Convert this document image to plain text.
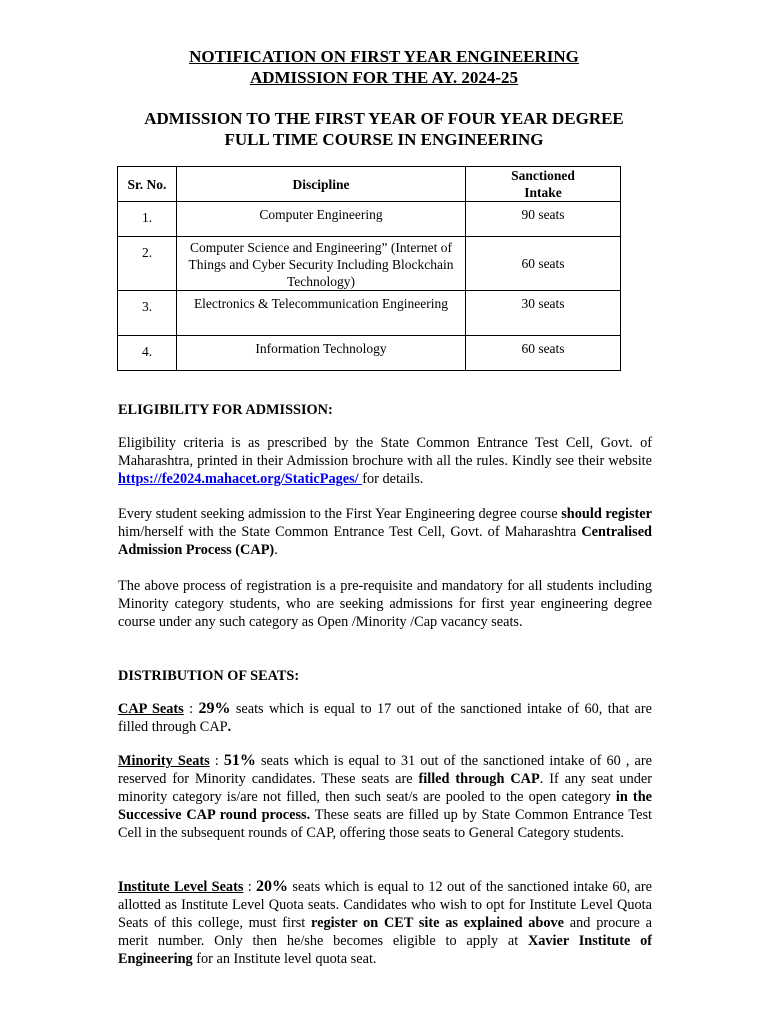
NOTIFICATION ON FIRST YEAR ENGINEERING
ADMISSION FOR THE AY. 2024-25
ADMISSION TO THE FIRST YEAR OF FOUR YEAR DEGREE
FULL TIME COURSE IN ENGINEERING
Sr. No.	Discipline	Sanctioned
Intake
1.	Computer Engineering	90 seats
2.	Computer Science and Engineering” (Internet of Things and Cyber Security Including Blockchain Technology)	60 seats
3.	Electronics & Telecommunication Engineering	30 seats
4.	Information Technology	60 seats
ELIGIBILITY FOR ADMISSION:
Eligibility criteria is as prescribed by the State Common Entrance Test Cell, Govt. of Maharashtra, printed in their Admission brochure with all the rules. Kindly see their website https://fe2024.mahacet.org/StaticPages/ for details.
Every student seeking admission to the First Year Engineering degree course should register him/herself with the State Common Entrance Test Cell, Govt. of Maharashtra Centralised Admission Process (CAP).
The above process of registration is a pre-requisite and mandatory for all students including Minority category students, who are seeking admissions for first year engineering degree course under any such category as Open /Minority /Cap vacancy seats.
DISTRIBUTION OF SEATS:
CAP Seats : 29% seats which is equal to 17 out of the sanctioned intake of 60, that are filled through CAP.
Minority Seats : 51% seats which is equal to 31 out of the sanctioned intake of 60 , are reserved for Minority candidates. These seats are filled through CAP. If any seat under minority category is/are not filled, then such seat/s are pooled to the open category in the Successive CAP round process. These seats are filled up by State Common Entrance Test Cell in the subsequent rounds of CAP, offering those seats to General Category students.
Institute Level Seats : 20% seats which is equal to 12 out of the sanctioned intake 60, are allotted as Institute Level Quota seats. Candidates who wish to opt for Institute Level Quota Seats of this college, must first register on CET site as explained above and procure a merit number. Only then he/she becomes eligible to apply at Xavier Institute of Engineering for an Institute level quota seat.
